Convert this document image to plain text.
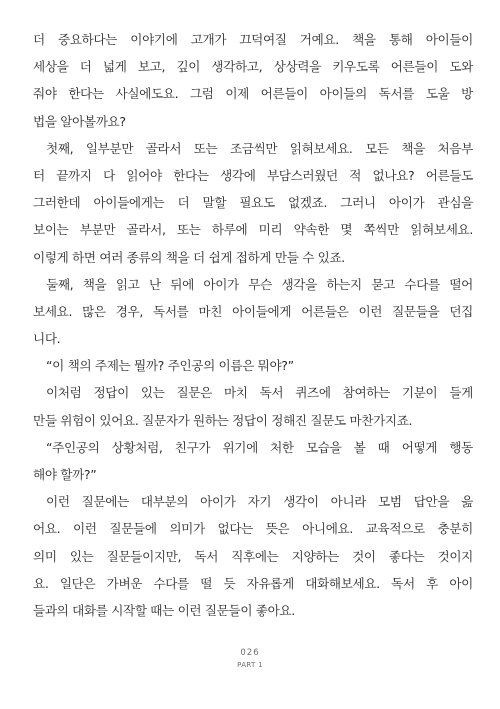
더 중요하다는 이야기에 고개가 끄덕여질 거예요. 책을 통해 아이들이
세상을 더 넓게 보고, 깊이 생각하고, 상상력을 키우도록 어른들이 도와
줘야 한다는 사실에도요. 그럼 이제 어른들이 아이들의 독서를 도울 방
법을 알아볼까요?
첫째, 일부분만 골라서 또는 조금씩만 읽혀보세요. 모든 책을 처음부
터 끝까지 다 읽어야 한다는 생각에 부담스러웠던 적 없나요? 어른들도
그러한데 아이들에게는 더 말할 필요도 없겠죠. 그러니 아이가 관심을
보이는 부분만 골라서, 또는 하루에 미리 약속한 몇 쪽씩만 읽혀보세요.
이렇게 하면 여러 종류의 책을 더 쉽게 접하게 만들 수 있죠.
둘째, 책을 읽고 난 뒤에 아이가 무슨 생각을 하는지 묻고 수다를 떨어
보세요. 많은 경우, 독서를 마친 아이들에게 어른들은 이런 질문들을 던집
니다.
“이 책의 주제는 뭘까? 주인공의 이름은 뭐야?”
이처럼 정답이 있는 질문은 마치 독서 퀴즈에 참여하는 기분이 들게
만들 위험이 있어요. 질문자가 원하는 정답이 정해진 질문도 마찬가지죠.
“주인공의 상황처럼, 친구가 위기에 처한 모습을 볼 때 어떻게 행동
해야 할까?”
이런 질문에는 대부분의 아이가 자기 생각이 아니라 모범 답안을 읊
어요. 이런 질문들에 의미가 없다는 뜻은 아니에요. 교육적으로 충분히
의미 있는 질문들이지만, 독서 직후에는 지양하는 것이 좋다는 것이지
요. 일단은 가벼운 수다를 떨 듯 자유롭게 대화해보세요. 독서 후 아이
들과의 대화를 시작할 때는 이런 질문들이 좋아요.
026
PART 1
